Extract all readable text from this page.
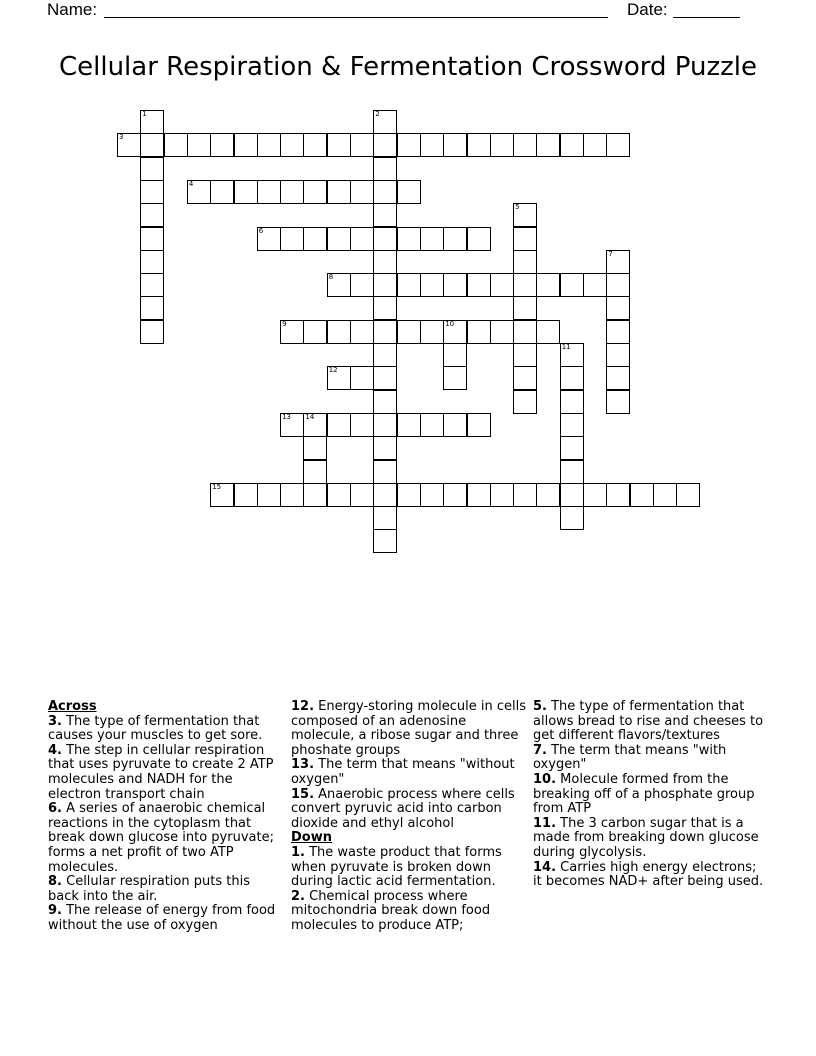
Name:	Date:
Cellular Respiration & Fermentation Crossword Puzzle
1	2
3
4
5
6
7
8
9	10
11
12
13 14
15

Across

3. The type of fermentation that causes your muscles to get sore.

4. The step in cellular respiration that uses pyruvate to create 2 ATP molecules and NADH for the electron transport chain

6. A series of anaerobic chemical reactions in the cytoplasm that break down glucose into pyruvate; forms a net profit of two ATP molecules.

8. Cellular respiration puts this back into the air.

9. The release of energy from food without the use of oxygen

12. Energy-storing molecule in cells composed of an adenosine molecule, a ribose sugar and three phoshate groups

13. The term that means "without oxygen"

15. Anaerobic process where cells convert pyruvic acid into carbon dioxide and ethyl alcohol

Down

1. The waste product that forms when pyruvate is broken down during lactic acid fermentation.

2. Chemical process where mitochondria break down food molecules to produce ATP;

5. The type of fermentation that allows bread to rise and cheeses to get different flavors/textures

7. The term that means "with oxygen"

10. Molecule formed from the breaking off of a phosphate group from ATP

11. The 3 carbon sugar that is a made from breaking down glucose during glycolysis.

14. Carries high energy electrons; it becomes NAD+ after being used.
